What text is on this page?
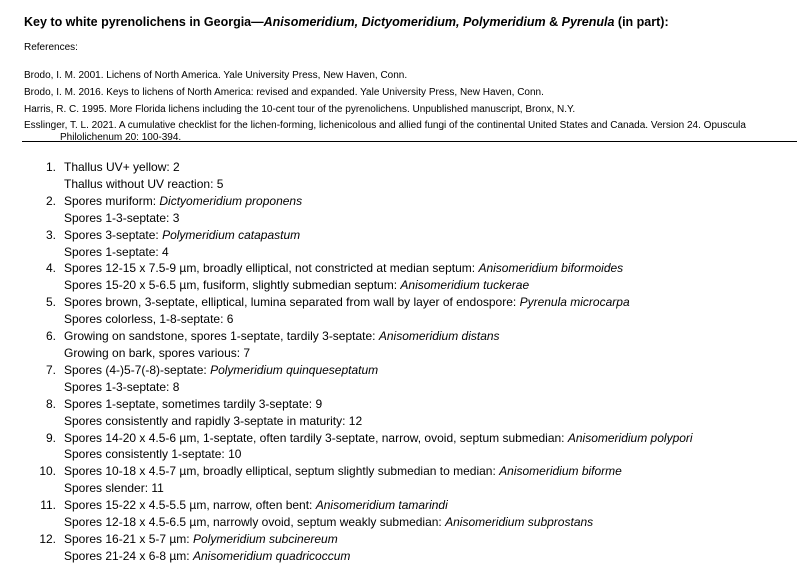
Key to white pyrenolichens in Georgia—Anisomeridium, Dictyomeridium, Polymeridium & Pyrenula (in part):
References:
Brodo, I. M. 2001. Lichens of North America. Yale University Press, New Haven, Conn.
Brodo, I. M. 2016. Keys to lichens of North America: revised and expanded. Yale University Press, New Haven, Conn.
Harris, R. C. 1995. More Florida lichens including the 10-cent tour of the pyrenolichens. Unpublished manuscript, Bronx, N.Y.
Esslinger, T. L. 2021. A cumulative checklist for the lichen-forming, lichenicolous and allied fungi of the continental United States and Canada. Version 24. Opuscula Philolichenum 20: 100-394.
1. Thallus UV+ yellow: 2
Thallus without UV reaction: 5
2. Spores muriform: Dictyomeridium proponens
Spores 1-3-septate: 3
3. Spores 3-septate: Polymeridium catapastum
Spores 1-septate: 4
4. Spores 12-15 x 7.5-9 µm, broadly elliptical, not constricted at median septum: Anisomeridium biformoides
Spores 15-20 x 5-6.5 µm, fusiform, slightly submedian septum: Anisomeridium tuckerae
5. Spores brown, 3-septate, elliptical, lumina separated from wall by layer of endospore: Pyrenula microcarpa
Spores colorless, 1-8-septate: 6
6. Growing on sandstone, spores 1-septate, tardily 3-septate: Anisomeridium distans
Growing on bark, spores various: 7
7. Spores (4-)5-7(-8)-septate: Polymeridium quinqueseptatum
Spores 1-3-septate: 8
8. Spores 1-septate, sometimes tardily 3-septate: 9
Spores consistently and rapidly 3-septate in maturity: 12
9. Spores 14-20 x 4.5-6 µm, 1-septate, often tardily 3-septate, narrow, ovoid, septum submedian: Anisomeridium polypori
Spores consistently 1-septate: 10
10. Spores 10-18 x 4.5-7 µm, broadly elliptical, septum slightly submedian to median: Anisomeridium biforme
Spores slender: 11
11. Spores 15-22 x 4.5-5.5 µm, narrow, often bent: Anisomeridium tamarindi
Spores 12-18 x 4.5-6.5 µm, narrowly ovoid, septum weakly submedian: Anisomeridium subprostans
12. Spores 16-21 x 5-7 µm: Polymeridium subcinereum
Spores 21-24 x 6-8 µm: Anisomeridium quadricoccum
